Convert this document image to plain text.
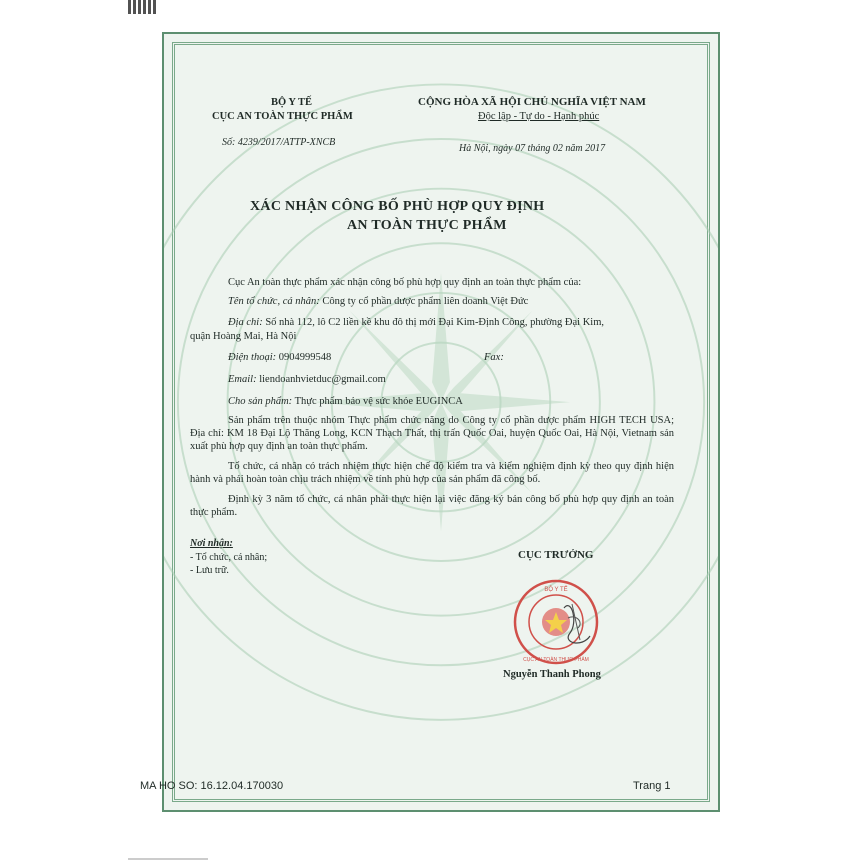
BỘ Y TẾ
CỤC AN TOÀN THỰC PHẨM
Số: 4239/2017/ATTP-XNCB
CỘNG HÒA XÃ HỘI CHỦ NGHĨA VIỆT NAM
Độc lập - Tự do - Hạnh phúc
Hà Nội, ngày 07 tháng 02 năm 2017
XÁC NHẬN CÔNG BỐ PHÙ HỢP QUY ĐỊNH
AN TOÀN THỰC PHẨM
Cục An toàn thực phẩm xác nhận công bố phù hợp quy định an toàn thực phẩm của:
Tên tổ chức, cá nhân: Công ty cổ phần dược phẩm liên doanh Việt Đức
Địa chỉ: Số nhà 112, lô C2 liền kề khu đô thị mới Đại Kim-Định Công, phường Đại Kim,
quận Hoàng Mai, Hà Nội
Điện thoại: 0904999548	Fax:
Email: liendoanhvietduc@gmail.com
Cho sản phẩm: Thực phẩm bảo vệ sức khỏe EUGINCA
Sản phẩm trên thuộc nhóm Thực phẩm chức năng do Công ty cổ phần dược phẩm HIGH TECH USA; Địa chỉ: KM 18 Đại Lộ Thăng Long, KCN Thạch Thất, thị trấn Quốc Oai, huyện Quốc Oai, Hà Nội, Vietnam sản xuất phù hợp quy định an toàn thực phẩm.
Tổ chức, cá nhân có trách nhiệm thực hiện chế độ kiểm tra và kiểm nghiệm định kỳ theo quy định hiện hành và phải hoàn toàn chịu trách nhiệm về tính phù hợp của sản phẩm đã công bố.
Định kỳ 3 năm tổ chức, cá nhân phải thực hiện lại việc đăng ký bản công bố phù hợp quy định an toàn thực phẩm.
Nơi nhận:
- Tổ chức, cá nhân;
- Lưu trữ.
CỤC TRƯỞNG
BỘ Y TẾ
CỤC AN TOÀN THỰC PHẨM
Nguyễn Thanh Phong
MA HO SO: 16.12.04.170030	Trang 1
